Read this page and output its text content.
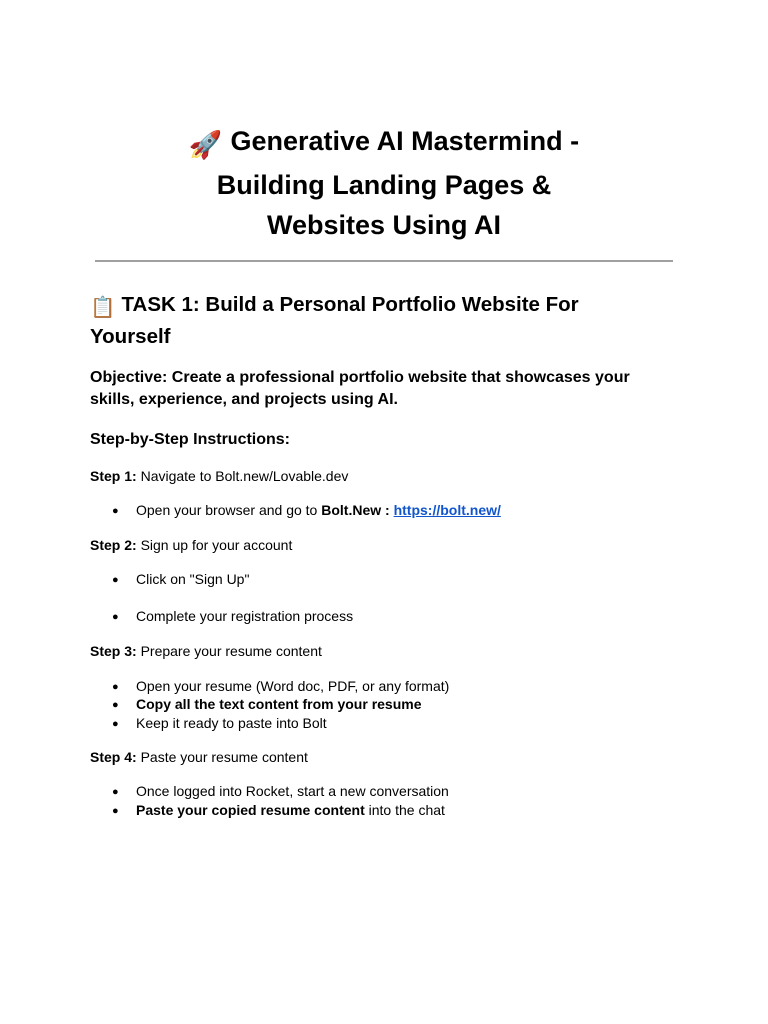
🚀 Generative AI Mastermind -
Building Landing Pages &
Websites Using AI
📋 TASK 1: Build a Personal Portfolio Website For Yourself

Objective: Create a professional portfolio website that showcases your skills, experience, and projects using AI.

Step-by-Step Instructions:

Step 1: Navigate to Bolt.new/Lovable.dev

● Open your browser and go to Bolt.New : https://bolt.new/

Step 2: Sign up for your account

● Click on "Sign Up"

● Complete your registration process

Step 3: Prepare your resume content

● Open your resume (Word doc, PDF, or any format)

● Copy all the text content from your resume

● Keep it ready to paste into Bolt

Step 4: Paste your resume content

● Once logged into Rocket, start a new conversation

● Paste your copied resume content into the chat
